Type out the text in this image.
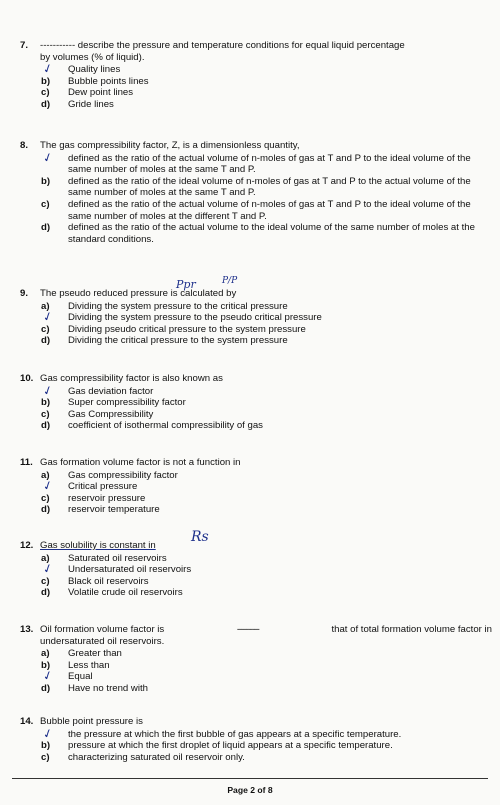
7.	----------- describe the pressure and temperature conditions for equal liquid percentage
by volumes (% of liquid).
✓	Quality lines
b)	Bubble points lines
c)	Dew point lines
d)	Gride lines
8.	The gas compressibility factor, Z, is a dimensionless quantity,
✓	defined as the ratio of the actual volume of n-moles of gas at T and P to the ideal volume of the same number of moles at the same T and P.
b)	defined as the ratio of the ideal volume of n-moles of gas at T and P to the actual volume of the same number of moles at the same T and P.
c)	defined as the ratio of the actual volume of n-moles of gas at T and P to the ideal volume of the same number of moles at the different T and P.
d)	defined as the ratio of the actual volume to the ideal volume of the same number of moles at the standard conditions.
Ppr	P/P
9.	The pseudo reduced pressure is calculated by
a)	Dividing the system pressure to the critical pressure
✓	Dividing the system pressure to the pseudo critical pressure
c)	Dividing pseudo critical pressure to the system pressure
d)	Dividing the critical pressure to the system pressure
10. Gas compressibility factor is also known as
✓	Gas deviation factor
b)	Super compressibility factor
c)	Gas Compressibility
d)	coefficient of isothermal compressibility of gas
11. Gas formation volume factor is not a function in
a)	Gas compressibility factor
✓	Critical pressure
c)	reservoir pressure
d)	reservoir temperature
Rs
12. Gas solubility is constant in
a)	Saturated oil reservoirs
✓	Undersaturated oil reservoirs
c)	Black oil reservoirs
d)	Volatile crude oil reservoirs
13. Oil formation volume factor is	----------	that of total formation volume factor in
undersaturated oil reservoirs.
a)	Greater than
b)	Less than
✓	Equal
d)	Have no trend with
14. Bubble point pressure is
✓	the pressure at which the first bubble of gas appears at a specific temperature.
b)	pressure at which the first droplet of liquid appears at a specific temperature.
c)	characterizing saturated oil reservoir only.
Page 2 of 8
